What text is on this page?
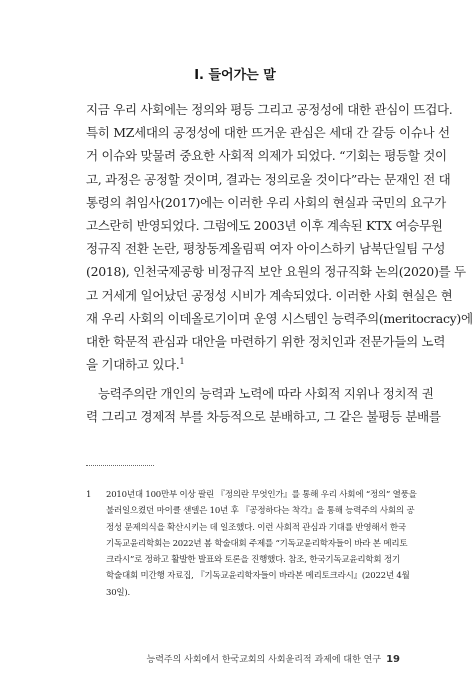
I. 들어가는 말
지금 우리 사회에는 정의와 평등 그리고 공정성에 대한 관심이 뜨겁다.
특히 MZ세대의 공정성에 대한 뜨거운 관심은 세대 간 갈등 이슈나 선
거 이슈와 맞물려 중요한 사회적 의제가 되었다. “기회는 평등할 것이
고, 과정은 공정할 것이며, 결과는 정의로울 것이다”라는 문재인 전 대
통령의 취임사(2017)에는 이러한 우리 사회의 현실과 국민의 요구가
고스란히 반영되었다. 그럼에도 2003년 이후 계속된 KTX 여승무원
정규직 전환 논란, 평창동계올림픽 여자 아이스하키 남북단일팀 구성
(2018), 인천국제공항 비정규직 보안 요원의 정규직화 논의(2020)를 두
고 거세게 일어났던 공정성 시비가 계속되었다. 이러한 사회 현실은 현
재 우리 사회의 이데올로기이며 운영 시스템인 능력주의(meritocracy)에
대한 학문적 관심과 대안을 마련하기 위한 정치인과 전문가들의 노력
을 기대하고 있다.$^1$
능력주의란 개인의 능력과 노력에 따라 사회적 지위나 정치적 권
력 그리고 경제적 부를 차등적으로 분배하고, 그 같은 불평등 분배를
1 2010년대 100만부 이상 팔린 『정의란 무엇인가』를 통해 우리 사회에 “정의” 열풍을
불러일으켰던 마이클 샌델은 10년 후 『공정하다는 착각』을 통해 능력주의 사회의 공
정성 문제의식을 확산시키는 데 일조했다. 이런 사회적 관심과 기대를 반영해서 한국
기독교윤리학회는 2022년 봄 학술대회 주제를 “기독교윤리학자들이 바라 본 메리토
크라시”로 정하고 활발한 발표와 토론을 진행했다. 참조, 한국기독교윤리학회 정기
학술대회 미간행 자료집, 『기독교윤리학자들이 바라본 메리토크라시』(2022년 4월
30일).
능력주의 사회에서 한국교회의 사회윤리적 과제에 대한 연구 19
